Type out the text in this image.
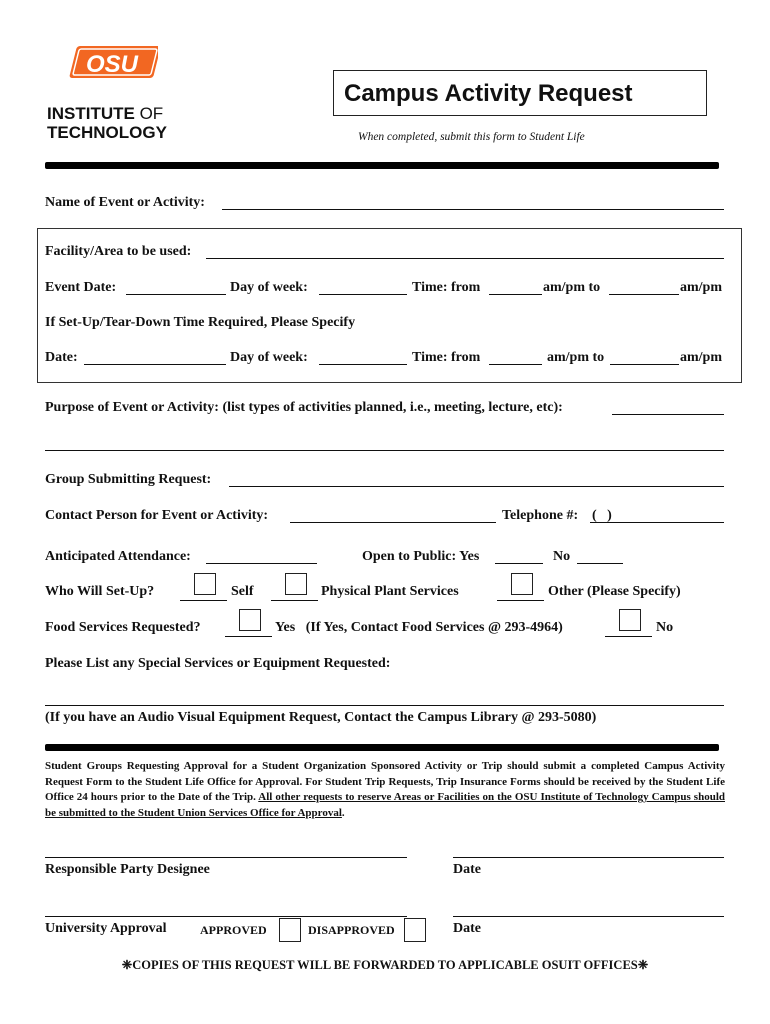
OSU
INSTITUTE OF
TECHNOLOGY
Campus Activity Request
When completed, submit this form to Student Life
Name of Event or Activity:
Facility/Area to be used:
Event Date:	Day of week:	Time: from	am/pm to	am/pm
If Set-Up/Tear-Down Time Required, Please Specify
Date:	Day of week:	Time: from	am/pm to	am/pm
Purpose of Event or Activity: (list types of activities planned, i.e., meeting, lecture, etc):
Group Submitting Request:
Contact Person for Event or Activity:	Telephone #: (   )
Anticipated Attendance:	Open to Public: Yes	No
Who Will Set-Up?	Self	Physical Plant Services	Other (Please Specify)
Food Services Requested?	Yes   (If Yes, Contact Food Services @ 293-4964)	No
Please List any Special Services or Equipment Requested:
(If you have an Audio Visual Equipment Request, Contact the Campus Library @ 293-5080)
Student Groups Requesting Approval for a Student Organization Sponsored Activity or Trip should submit a completed Campus Activity Request Form to the Student Life Office for Approval. For Student Trip Requests, Trip Insurance Forms should be received by the Student Life Office 24 hours prior to the Date of the Trip. All other requests to reserve Areas or Facilities on the OSU Institute of Technology Campus should be submitted to the Student Union Services Office for Approval.
Responsible Party Designee	Date
University Approval	APPROVED	DISAPPROVED	Date
❈COPIES OF THIS REQUEST WILL BE FORWARDED TO APPLICABLE OSUIT OFFICES❈
